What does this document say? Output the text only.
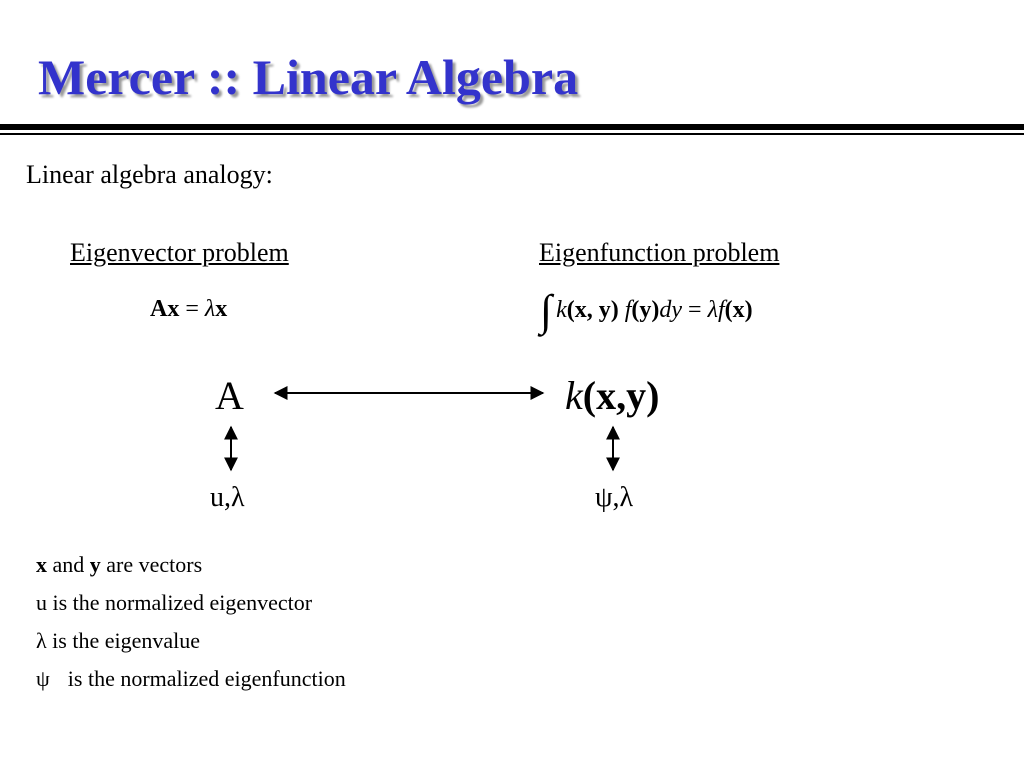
Mercer :: Linear Algebra
Linear algebra analogy:
Eigenvector problem	Eigenfunction problem
Ax = λx	∫ k(x, y) f(y)dy = λf(x)
A	k(x,y)
u,λ	ψ,λ
x and y are vectors
u is the normalized eigenvector
λ is the eigenvalue
ψ is the normalized eigenfunction
